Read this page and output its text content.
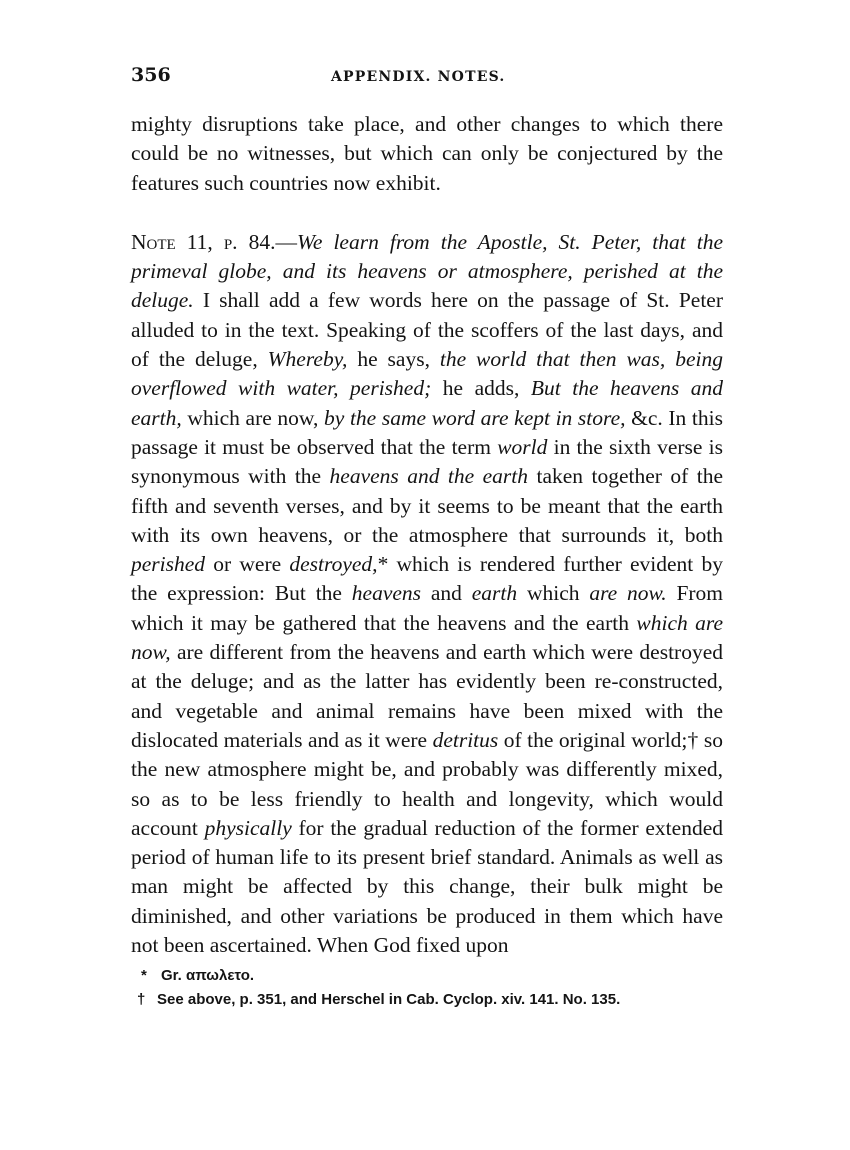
356	APPENDIX. NOTES.

mighty disruptions take place, and other changes to which there could be no witnesses, but which can only be conjectured by the features such countries now exhibit.

Note 11, p. 84.—We learn from the Apostle, St. Peter, that the primeval globe, and its heavens or atmosphere, perished at the deluge. I shall add a few words here on the passage of St. Peter alluded to in the text. Speaking of the scoffers of the last days, and of the deluge, Whereby, he says, the world that then was, being overflowed with water, perished; he adds, But the heavens and earth, which are now, by the same word are kept in store, &c. In this passage it must be observed that the term world in the sixth verse is synonymous with the heavens and the earth taken together of the fifth and seventh verses, and by it seems to be meant that the earth with its own heavens, or the atmosphere that surrounds it, both perished or were destroyed,* which is rendered further evident by the expression: But the heavens and earth which are now. From which it may be gathered that the heavens and the earth which are now, are different from the heavens and earth which were destroyed at the deluge; and as the latter has evidently been re-constructed, and vegetable and animal remains have been mixed with the dislocated materials and as it were detritus of the original world;† so the new atmosphere might be, and probably was differently mixed, so as to be less friendly to health and longevity, which would account physically for the gradual reduction of the former extended period of human life to its present brief standard. Animals as well as man might be affected by this change, their bulk might be diminished, and other variations be produced in them which have not been ascertained. When God fixed upon

* Gr. απωλετο.
† See above, p. 351, and Herschel in Cab. Cyclop. xiv. 141. No. 135.
